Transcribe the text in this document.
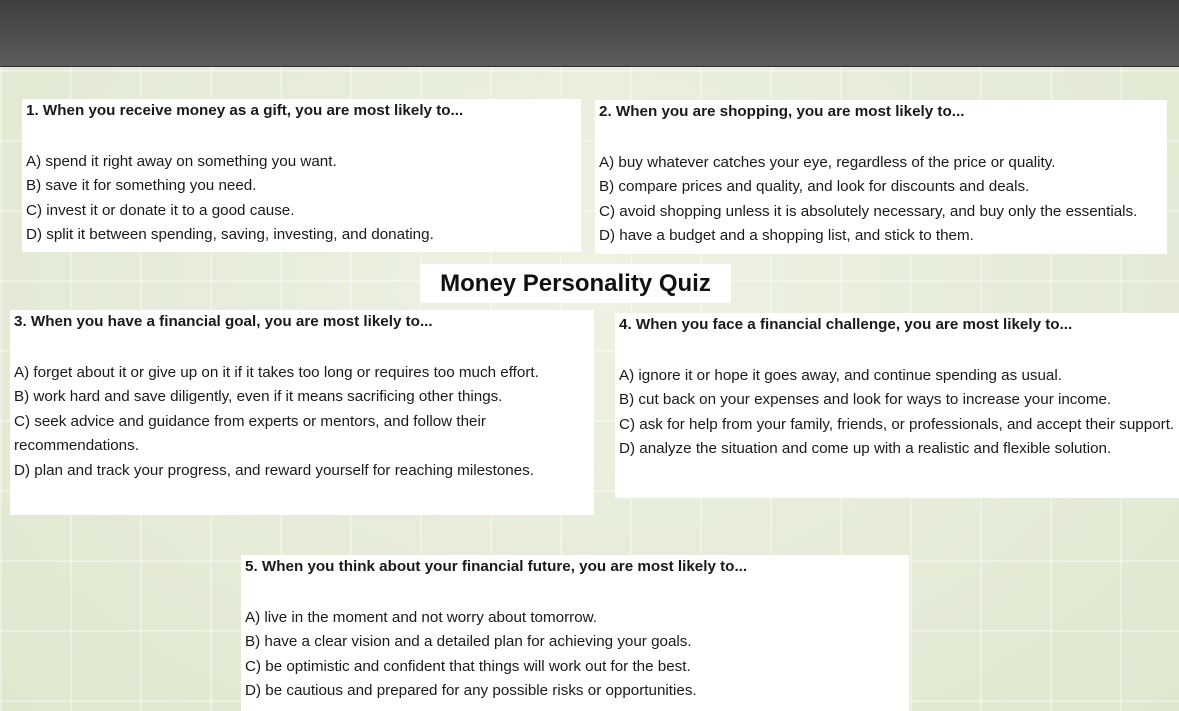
1. When you receive money as a gift, you are most likely to...
A) spend it right away on something you want.
B) save it for something you need.
C) invest it or donate it to a good cause.
D) split it between spending, saving, investing, and donating.
2. When you are shopping, you are most likely to...
A) buy whatever catches your eye, regardless of the price or quality.
B) compare prices and quality, and look for discounts and deals.
C) avoid shopping unless it is absolutely necessary, and buy only the essentials.
D) have a budget and a shopping list, and stick to them.
Money Personality Quiz
3. When you have a financial goal, you are most likely to...
A) forget about it or give up on it if it takes too long or requires too much effort.
B) work hard and save diligently, even if it means sacrificing other things.
C) seek advice and guidance from experts or mentors, and follow their recommendations.
D) plan and track your progress, and reward yourself for reaching milestones.
4. When you face a financial challenge, you are most likely to...
A) ignore it or hope it goes away, and continue spending as usual.
B) cut back on your expenses and look for ways to increase your income.
C) ask for help from your family, friends, or professionals, and accept their support.
D) analyze the situation and come up with a realistic and flexible solution.
5. When you think about your financial future, you are most likely to...
A) live in the moment and not worry about tomorrow.
B) have a clear vision and a detailed plan for achieving your goals.
C) be optimistic and confident that things will work out for the best.
D) be cautious and prepared for any possible risks or opportunities.
